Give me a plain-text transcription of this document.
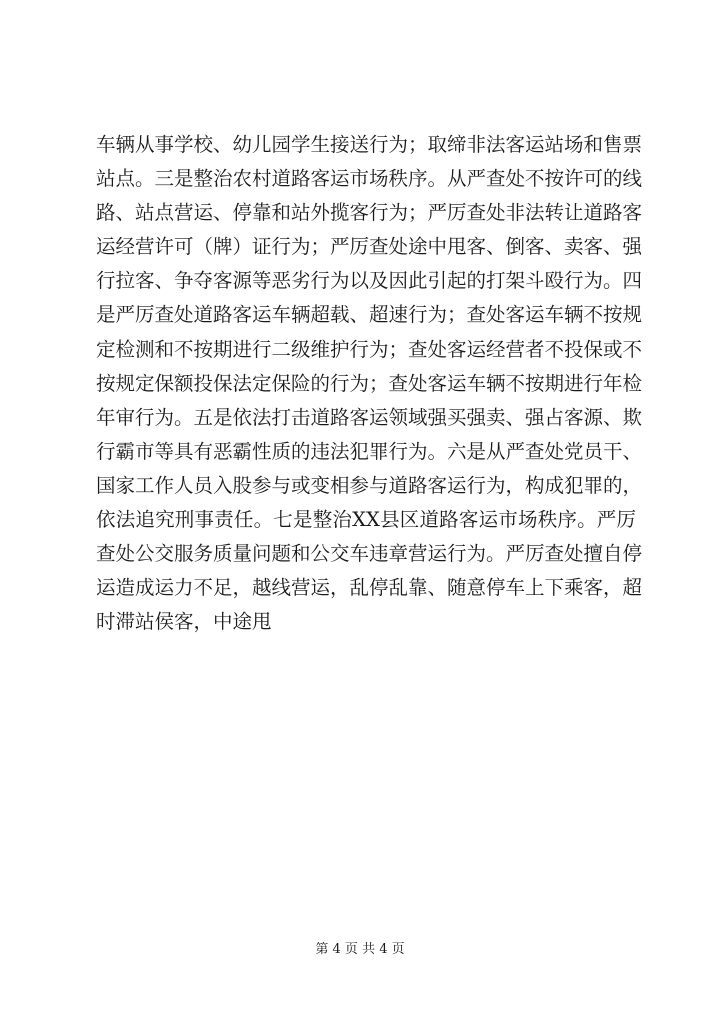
车辆从事学校、幼儿园学生接送行为；取缔非法客运站场和售票
站点。三是整治农村道路客运市场秩序。从严查处不按许可的线
路、站点营运、停靠和站外揽客行为；严厉查处非法转让道路客
运经营许可（牌）证行为；严厉查处途中甩客、倒客、卖客、强
行拉客、争夺客源等恶劣行为以及因此引起的打架斗殴行为。四
是严厉查处道路客运车辆超载、超速行为；查处客运车辆不按规
定检测和不按期进行二级维护行为；查处客运经营者不投保或不
按规定保额投保法定保险的行为；查处客运车辆不按期进行年检
年审行为。五是依法打击道路客运领域强买强卖、强占客源、欺
行霸市等具有恶霸性质的违法犯罪行为。六是从严查处党员干、
国家工作人员入股参与或变相参与道路客运行为，构成犯罪的，
依法追究刑事责任。七是整治XX县区道路客运市场秩序。严厉
查处公交服务质量问题和公交车违章营运行为。严厉查处擅自停
运造成运力不足，越线营运，乱停乱靠、随意停车上下乘客，超
时滞站侯客，中途甩
第 4 页 共 4 页
